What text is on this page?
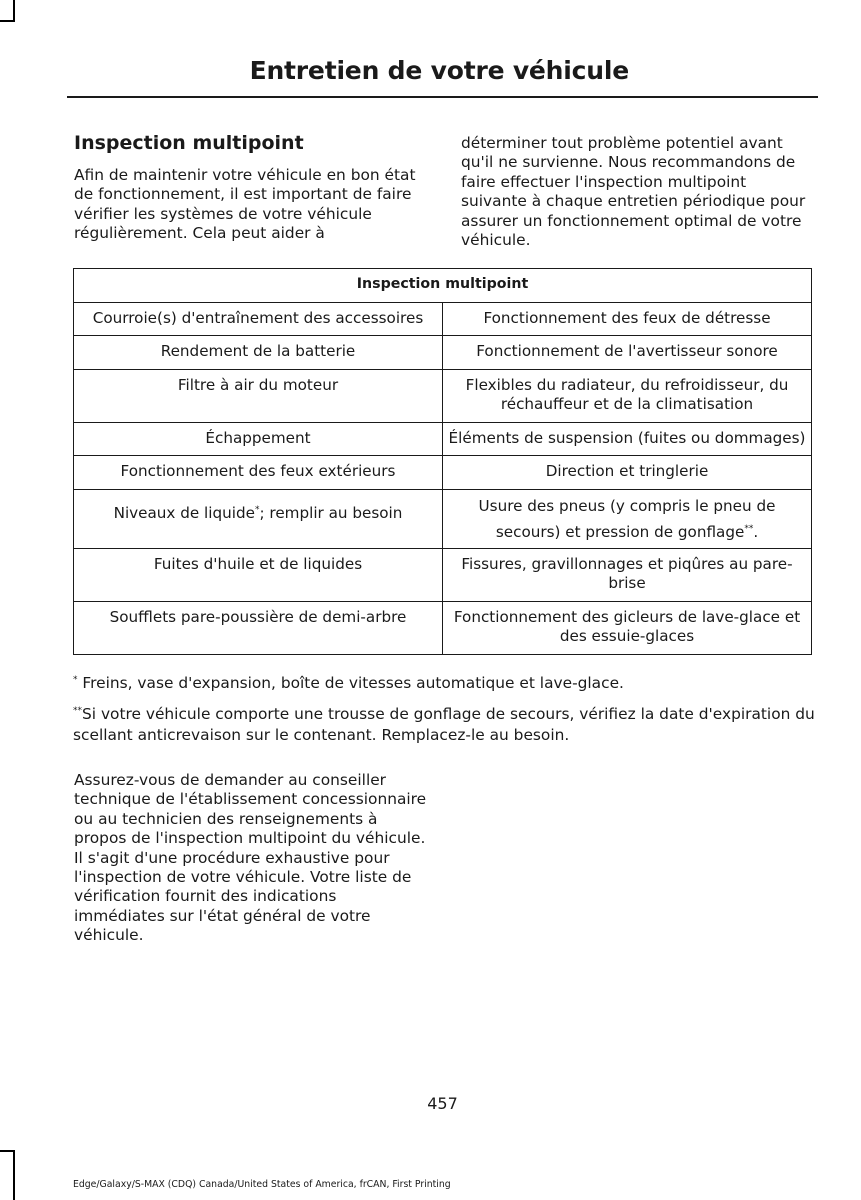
Entretien de votre véhicule
Inspection multipoint

Afin de maintenir votre véhicule en bon état de fonctionnement, il est important de faire vérifier les systèmes de votre véhicule régulièrement. Cela peut aider à

déterminer tout problème potentiel avant qu'il ne survienne. Nous recommandons de faire effectuer l'inspection multipoint suivante à chaque entretien périodique pour assurer un fonctionnement optimal de votre véhicule.

Inspection multipoint	
Courroie(s) d'entraînement des accessoires	Fonctionnement des feux de détresse
Rendement de la batterie	Fonctionnement de l'avertisseur sonore
Filtre à air du moteur	Flexibles du radiateur, du refroidisseur, du réchauffeur et de la climatisation
Échappement	Éléments de suspension (fuites ou dommages)
Fonctionnement des feux extérieurs	Direction et tringlerie
Niveaux de liquide*; remplir au besoin	Usure des pneus (y compris le pneu de secours) et pression de gonflage**.
Fuites d'huile et de liquides	Fissures, gravillonnages et piqûres au pare-brise
Soufflets pare-poussière de demi-arbre	Fonctionnement des gicleurs de lave-glace et des essuie-glaces

* Freins, vase d'expansion, boîte de vitesses automatique et lave-glace.

**Si votre véhicule comporte une trousse de gonflage de secours, vérifiez la date d'expiration du scellant anticrevaison sur le contenant. Remplacez-le au besoin.

Assurez-vous de demander au conseiller technique de l'établissement concessionnaire ou au technicien des renseignements à propos de l'inspection multipoint du véhicule. Il s'agit d'une procédure exhaustive pour l'inspection de votre véhicule. Votre liste de vérification fournit des indications immédiates sur l'état général de votre véhicule.

457

Edge/Galaxy/S-MAX (CDQ) Canada/United States of America, frCAN, First Printing
